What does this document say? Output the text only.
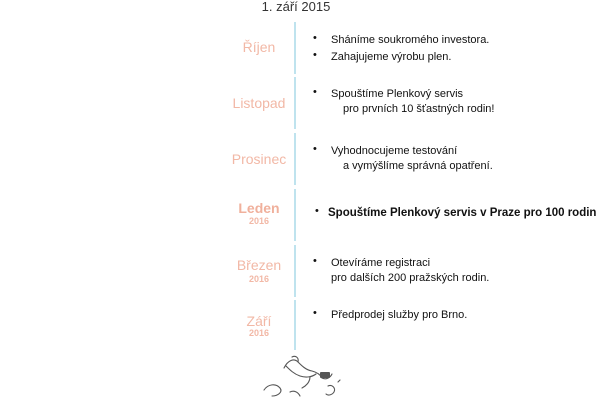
1. září 2015
Říjen
• Sháníme soukromého investora.
• Zahajujeme výrobu plen.
Listopad
• Spouštíme Plenkový servis
pro prvních 10 šťastných rodin!
Prosinec
• Vyhodnocujeme testování
a vymýšlíme správná opatření.
Leden
2016
• Spouštíme Plenkový servis v Praze pro 100 rodin
Březen
2016
• Otevíráme registraci
pro dalších 200 pražských rodin.
Září
2016
• Předprodej služby pro Brno.
